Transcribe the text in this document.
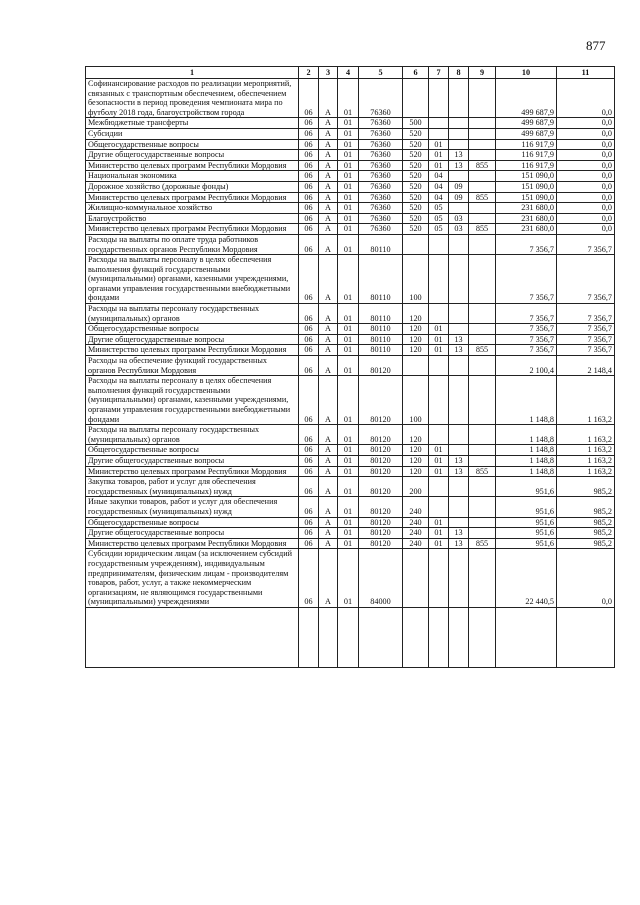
877
1	2	3	4	5	6	7	8	9	10	11
Софинансирование расходов по реализации мероприятий, связанных с транспортным обеспечением, обеспечением безопасности в период проведения чемпионата мира по футболу 2018 года, благоустройством города	06	А	01	76360					499 687,9	0,0
Межбюджетные трансферты	06	А	01	76360	500				499 687,9	0,0
Субсидии	06	А	01	76360	520				499 687,9	0,0
Общегосударственные вопросы	06	А	01	76360	520	01			116 917,9	0,0
Другие общегосударственные вопросы	06	А	01	76360	520	01	13		116 917,9	0,0
Министерство целевых программ Республики Мордовия	06	А	01	76360	520	01	13	855	116 917,9	0,0
Национальная экономика	06	А	01	76360	520	04			151 090,0	0,0
Дорожное хозяйство (дорожные фонды)	06	А	01	76360	520	04	09		151 090,0	0,0
Министерство целевых программ Республики Мордовия	06	А	01	76360	520	04	09	855	151 090,0	0,0
Жилищно-коммунальное хозяйство	06	А	01	76360	520	05			231 680,0	0,0
Благоустройство	06	А	01	76360	520	05	03		231 680,0	0,0
Министерство целевых программ Республики Мордовия	06	А	01	76360	520	05	03	855	231 680,0	0,0
Расходы на выплаты по оплате труда работников государственных органов Республики Мордовия	06	А	01	80110					7 356,7	7 356,7
Расходы на выплаты персоналу в целях обеспечения выполнения функций государственными (муниципальными) органами, казенными учреждениями, органами управления государственными внебюджетными фондами	06	А	01	80110	100				7 356,7	7 356,7
Расходы на выплаты персоналу государственных (муниципальных) органов	06	А	01	80110	120				7 356,7	7 356,7
Общегосударственные вопросы	06	А	01	80110	120	01			7 356,7	7 356,7
Другие общегосударственные вопросы	06	А	01	80110	120	01	13		7 356,7	7 356,7
Министерство целевых программ Республики Мордовия	06	А	01	80110	120	01	13	855	7 356,7	7 356,7
Расходы на обеспечение функций государственных органов Республики Мордовия	06	А	01	80120					2 100,4	2 148,4
Расходы на выплаты персоналу в целях обеспечения выполнения функций государственными (муниципальными) органами, казенными учреждениями, органами управления государственными внебюджетными фондами	06	А	01	80120	100				1 148,8	1 163,2
Расходы на выплаты персоналу государственных (муниципальных) органов	06	А	01	80120	120				1 148,8	1 163,2
Общегосударственные вопросы	06	А	01	80120	120	01			1 148,8	1 163,2
Другие общегосударственные вопросы	06	А	01	80120	120	01	13		1 148,8	1 163,2
Министерство целевых программ Республики Мордовия	06	А	01	80120	120	01	13	855	1 148,8	1 163,2
Закупка товаров, работ и услуг для обеспечения государственных (муниципальных) нужд	06	А	01	80120	200				951,6	985,2
Иные закупки товаров, работ и услуг для обеспечения государственных (муниципальных) нужд	06	А	01	80120	240				951,6	985,2
Общегосударственные вопросы	06	А	01	80120	240	01			951,6	985,2
Другие общегосударственные вопросы	06	А	01	80120	240	01	13		951,6	985,2
Министерство целевых программ Республики Мордовия	06	А	01	80120	240	01	13	855	951,6	985,2
Субсидии юридическим лицам (за исключением субсидий государственным учреждениям), индивидуальным предпринимателям, физическим лицам - производителям товаров, работ, услуг, а также некоммерческим организациям, не являющимся государственными (муниципальными) учреждениями	06	А	01	84000					22 440,5	0,0
